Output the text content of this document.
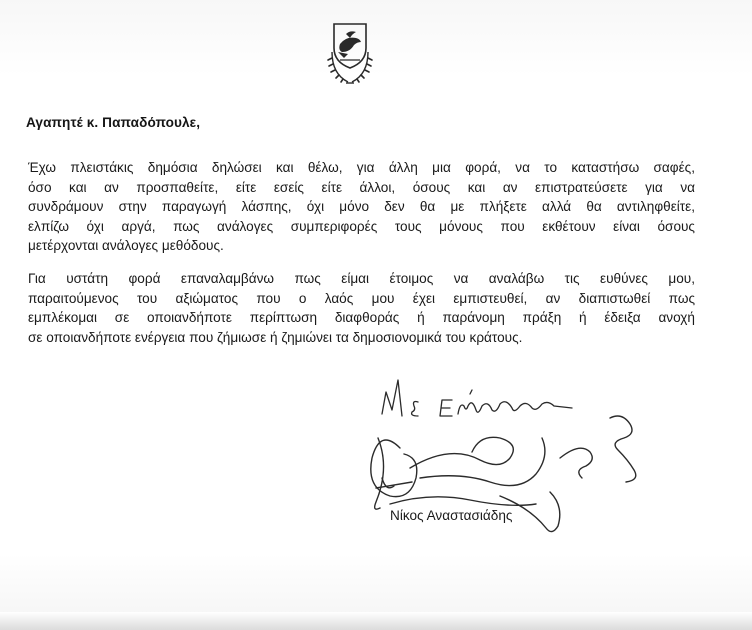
Αγαπητέ κ. Παπαδόπουλε,
Έχω πλειστάκις δημόσια δηλώσει και θέλω, για άλλη μια φορά, να το καταστήσω σαφές,
όσο και αν προσπαθείτε, είτε εσείς είτε άλλοι, όσους και αν επιστρατεύσετε για να
συνδράμουν στην παραγωγή λάσπης, όχι μόνο δεν θα με πλήξετε αλλά θα αντιληφθείτε,
ελπίζω όχι αργά, πως ανάλογες συμπεριφορές τους μόνους που εκθέτουν είναι όσους
μετέρχονται ανάλογες μεθόδους.
Για υστάτη φορά επαναλαμβάνω πως είμαι έτοιμος να αναλάβω τις ευθύνες μου,
παραιτούμενος του αξιώματος που ο λαός μου έχει εμπιστευθεί, αν διαπιστωθεί πως
εμπλέκομαι σε οποιανδήποτε περίπτωση διαφθοράς ή παράνομη πράξη ή έδειξα ανοχή
σε οποιανδήποτε ενέργεια που ζήμιωσε ή ζημιώνει τα δημοσιονομικά του κράτους.
Νίκος Αναστασιάδης
